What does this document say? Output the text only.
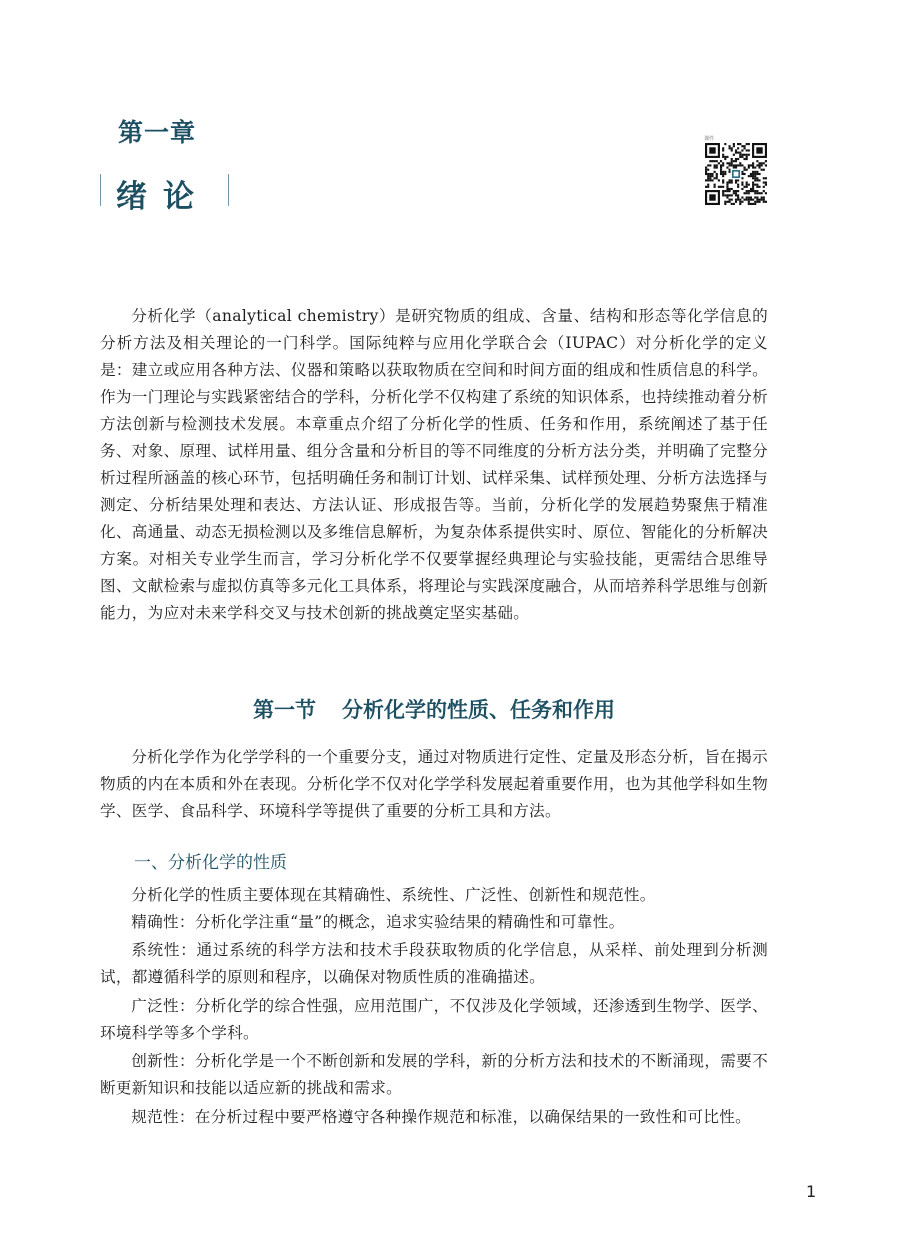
第一章
绪论
课件

分析化学（analytical chemistry）是研究物质的组成、含量、结构和形态等化学信息的分析方法及相关理论的一门科学。国际纯粹与应用化学联合会（IUPAC）对分析化学的定义是：建立或应用各种方法、仪器和策略以获取物质在空间和时间方面的组成和性质信息的科学。作为一门理论与实践紧密结合的学科，分析化学不仅构建了系统的知识体系，也持续推动着分析方法创新与检测技术发展。本章重点介绍了分析化学的性质、任务和作用，系统阐述了基于任务、对象、原理、试样用量、组分含量和分析目的等不同维度的分析方法分类，并明确了完整分析过程所涵盖的核心环节，包括明确任务和制订计划、试样采集、试样预处理、分析方法选择与测定、分析结果处理和表达、方法认证、形成报告等。当前，分析化学的发展趋势聚焦于精准化、高通量、动态无损检测以及多维信息解析，为复杂体系提供实时、原位、智能化的分析解决方案。对相关专业学生而言，学习分析化学不仅要掌握经典理论与实验技能，更需结合思维导图、文献检索与虚拟仿真等多元化工具体系，将理论与实践深度融合，从而培养科学思维与创新能力，为应对未来学科交叉与技术创新的挑战奠定坚实基础。

第一节 分析化学的性质、任务和作用

分析化学作为化学学科的一个重要分支，通过对物质进行定性、定量及形态分析，旨在揭示物质的内在本质和外在表现。分析化学不仅对化学学科发展起着重要作用，也为其他学科如生物学、医学、食品科学、环境科学等提供了重要的分析工具和方法。

一、分析化学的性质

分析化学的性质主要体现在其精确性、系统性、广泛性、创新性和规范性。

精确性：分析化学注重“量”的概念，追求实验结果的精确性和可靠性。

系统性：通过系统的科学方法和技术手段获取物质的化学信息，从采样、前处理到分析测试，都遵循科学的原则和程序，以确保对物质性质的准确描述。

广泛性：分析化学的综合性强，应用范围广，不仅涉及化学领域，还渗透到生物学、医学、环境科学等多个学科。

创新性：分析化学是一个不断创新和发展的学科，新的分析方法和技术的不断涌现，需要不断更新知识和技能以适应新的挑战和需求。

规范性：在分析过程中要严格遵守各种操作规范和标准，以确保结果的一致性和可比性。

1
